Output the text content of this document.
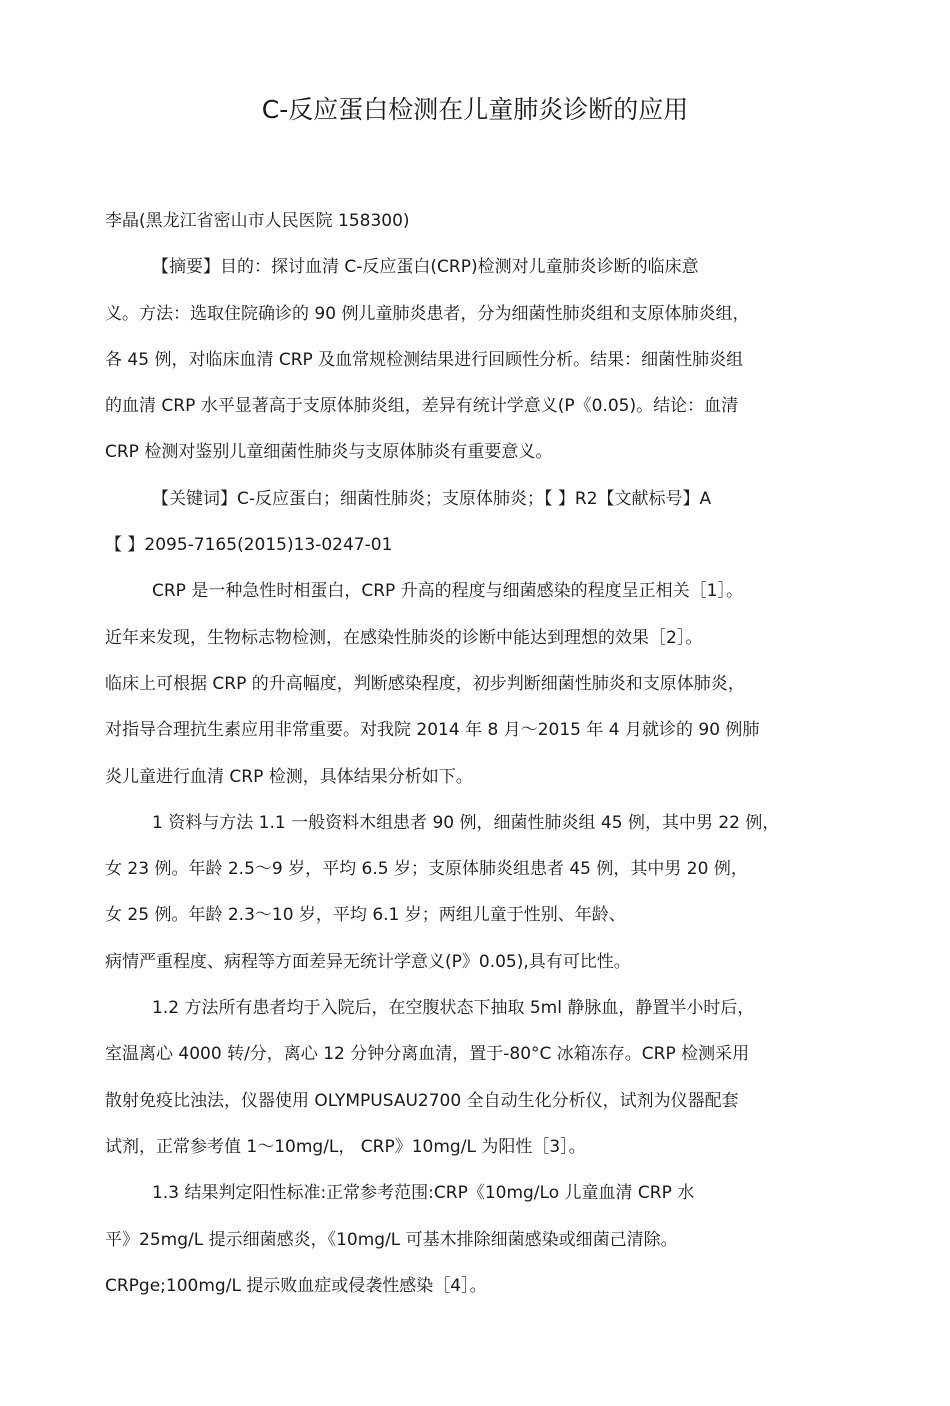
C-反应蛋白检测在儿童肺炎诊断的应用
李晶(黑龙江省密山市人民医院 158300)
【摘要】目的：探讨血清 C-反应蛋白(CRP)检测对儿童肺炎诊断的临床意
义。方法：选取住院确诊的 90 例儿童肺炎患者，分为细菌性肺炎组和支原体肺炎组，
各 45 例，对临床血清 CRP 及血常规检测结果进行回顾性分析。结果：细菌性肺炎组
的血清 CRP 水平显著高于支原体肺炎组，差异有统计学意义(P《0.05)。结论：血清
CRP 检测对鉴别儿童细菌性肺炎与支原体肺炎有重要意义。
【关键词】C-反应蛋白；细菌性肺炎；支原体肺炎；【 】R2【文献标号】A
【 】2095-7165(2015)13-0247-01
CRP 是一种急性时相蛋白，CRP 升高的程度与细菌感染的程度呈正相关［1］。
近年来发现，生物标志物检测，在感染性肺炎的诊断中能达到理想的效果［2］。
临床上可根据 CRP 的升高幅度，判断感染程度，初步判断细菌性肺炎和支原体肺炎，
对指导合理抗生素应用非常重要。对我院 2014 年 8 月〜2015 年 4 月就诊的 90 例肺
炎儿童进行血清 CRP 检测，具体结果分析如下。
1 资料与方法 1.1 一般资料木组患者 90 例，细菌性肺炎组 45 例，其中男 22 例，
女 23 例。年龄 2.5〜9 岁，平均 6.5 岁；支原体肺炎组患者 45 例，其中男 20 例，
女 25 例。年龄 2.3〜10 岁，平均 6.1 岁；两组儿童于性别、年龄、
病情严重程度、病程等方面差异无统计学意义(P》0.05),具有可比性。
1.2 方法所有患者均于入院后，在空腹状态下抽取 5ml 静脉血，静置半小时后，
室温离心 4000 转/分，离心 12 分钟分离血清，置于-80°C 冰箱冻存。CRP 检测采用
散射免疫比浊法，仪器使用 OLYMPUSAU2700 全自动生化分析仪，试剂为仪器配套
试剂，正常参考值 1〜10mg/L， CRP》10mg/L 为阳性［3］。
1.3 结果判定阳性标准:正常参考范围:CRP《10mg/Lo 儿童血清 CRP 水
平》25mg/L 提示细菌感炎，《10mg/L 可基木排除细菌感染或细菌己清除。
CRPge;100mg/L 提示败血症或侵袭性感染［4］。
